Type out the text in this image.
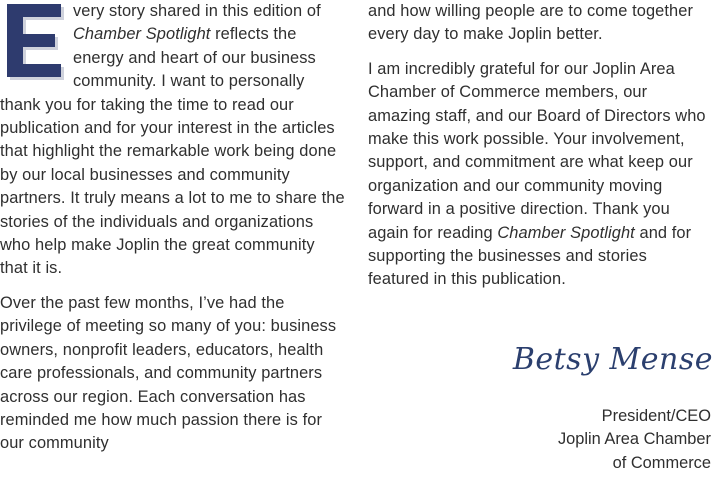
very story shared in this edition of Chamber Spotlight reflects the energy and heart of our business community. I want to personally thank you for taking the time to read our publication and for your interest in the articles that highlight the remarkable work being done by our local businesses and community partners. It truly means a lot to me to share the stories of the individuals and organizations who help make Joplin the great community that it is.

Over the past few months, I’ve had the privilege of meeting so many of you: business owners, nonprofit leaders, educators, health care professionals, and community partners across our region. Each conversation has reminded me how much passion there is for our community

and how willing people are to come together every day to make Joplin better.

I am incredibly grateful for our Joplin Area Chamber of Commerce members, our amazing staff, and our Board of Directors who make this work possible. Your involvement, support, and commitment are what keep our organization and our community moving forward in a positive direction. Thank you again for reading Chamber Spotlight and for supporting the businesses and stories featured in this publication.

Betsy Mense
President/CEO
Joplin Area Chamber
of Commerce
